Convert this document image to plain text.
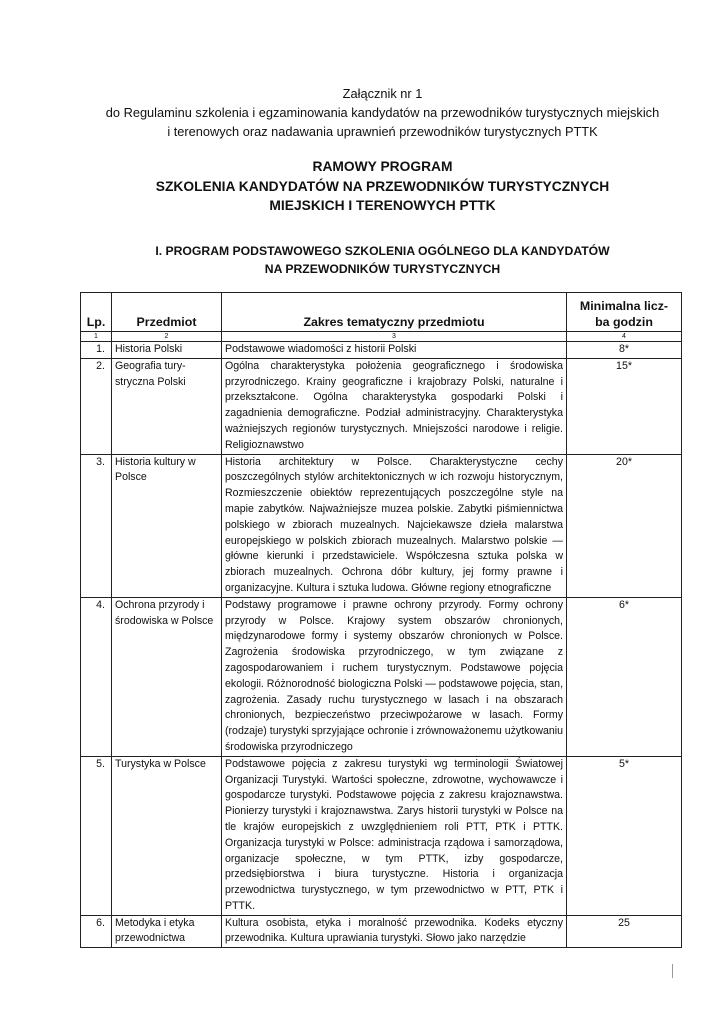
Załącznik nr 1
do Regulaminu szkolenia i egzaminowania kandydatów na przewodników turystycznych miejskich
i terenowych oraz nadawania uprawnień przewodników turystycznych PTTK
RAMOWY PROGRAM
SZKOLENIA KANDYDATÓW NA PRZEWODNIKÓW TURYSTYCZNYCH
MIEJSKICH I TERENOWYCH PTTK
I. PROGRAM PODSTAWOWEGO SZKOLENIA OGÓLNEGO DLA KANDYDATÓW
NA PRZEWODNIKÓW TURYSTYCZNYCH
Lp.	Przedmiot	Zakres tematyczny przedmiotu	Minimalna licz-
ba godzin
1	2	3	4
1.	Historia Polski	Podstawowe wiadomości z historii Polski	8*
2.	Geografia tury-stryczna Polski	Ogólna charakterystyka położenia geograficznego i środowiska przyrodniczego. Krainy geograficzne i krajobrazy Polski, naturalne i przekształcone. Ogólna charakterystyka gospodarki Polski i zagadnienia demograficzne. Podział administracyjny. Charakterystyka ważniejszych regionów turystycznych. Mniejszości narodowe i religie. Religioznawstwo	15*
3.	Historia kultury w Polsce	Historia architektury w Polsce. Charakterystyczne cechy poszczególnych stylów architektonicznych w ich rozwoju historycznym, Rozmieszczenie obiektów reprezentujących poszczególne style na mapie zabytków. Najważniejsze muzea polskie. Zabytki piśmiennictwa polskiego w zbiorach muzealnych. Najciekawsze dzieła malarstwa europejskiego w polskich zbiorach muzealnych. Malarstwo polskie — główne kierunki i przedstawiciele. Współczesna sztuka polska w zbiorach muzealnych. Ochrona dóbr kultury, jej formy prawne i organizacyjne. Kultura i sztuka ludowa. Główne regiony etnograficzne	20*
4.	Ochrona przyrody i środowiska w Polsce	Podstawy programowe i prawne ochrony przyrody. Formy ochrony przyrody w Polsce. Krajowy system obszarów chronionych, międzynarodowe formy i systemy obszarów chronionych w Polsce. Zagrożenia środowiska przyrodniczego, w tym związane z zagospodarowaniem i ruchem turystycznym. Podstawowe pojęcia ekologii. Różnorodność biologiczna Polski — podstawowe pojęcia, stan, zagrożenia. Zasady ruchu turystycznego w lasach i na obszarach chronionych, bezpieczeństwo przeciwpożarowe w lasach. Formy (rodzaje) turystyki sprzyjające ochronie i zrównoważonemu użytkowaniu środowiska przyrodniczego	6*
5.	Turystyka w Polsce	Podstawowe pojęcia z zakresu turystyki wg terminologii Światowej Organizacji Turystyki. Wartości społeczne, zdrowotne, wychowawcze i gospodarcze turystyki. Podstawowe pojęcia z zakresu krajoznawstwa. Pionierzy turystyki i krajoznawstwa. Zarys historii turystyki w Polsce na tle krajów europejskich z uwzględnieniem roli PTT, PTK i PTTK. Organizacja turystyki w Polsce: administracja rządowa i samorządowa, organizacje społeczne, w tym PTTK, izby gospodarcze, przedsiębiorstwa i biura turystyczne. Historia i organizacja przewodnictwa turystycznego, w tym przewodnictwo w PTT, PTK i PTTK.	5*
6.	Metodyka i etyka przewodnictwa	Kultura osobista, etyka i moralność przewodnika. Kodeks etyczny przewodnika. Kultura uprawiania turystyki. Słowo jako narzędzie	25
